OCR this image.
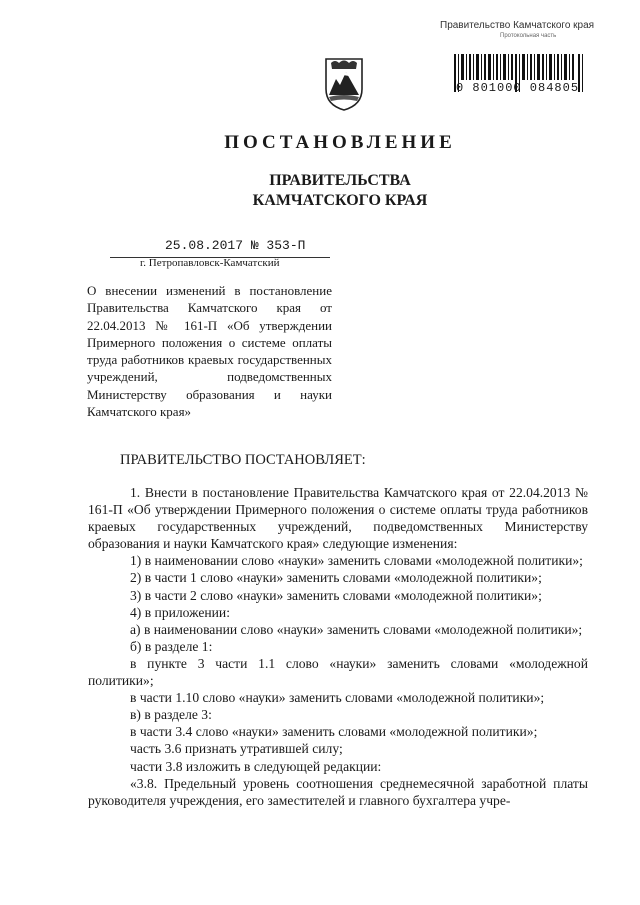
Правительство Камчатского края
Протокольная часть
0 801000 084805
ПОСТАНОВЛЕНИЕ
ПРАВИТЕЛЬСТВА
КАМЧАТСКОГО КРАЯ
25.08.2017 № 353-П
г. Петропавловск-Камчатский
О внесении изменений в постановление Правительства Камчатского края от 22.04.2013 № 161-П «Об утверждении Примерного положения о системе оплаты труда работников краевых государственных учреждений, подведомственных Министерству образования и науки Камчатского края»
ПРАВИТЕЛЬСТВО ПОСТАНОВЛЯЕТ:

1. Внести в постановление Правительства Камчатского края от 22.04.2013 № 161-П «Об утверждении Примерного положения о системе оплаты труда работников краевых государственных учреждений, подведомственных Министерству образования и науки Камчатского края» следующие изменения:

1) в наименовании слово «науки» заменить словами «молодежной политики»;

2) в части 1 слово «науки» заменить словами «молодежной политики»;

3) в части 2 слово «науки» заменить словами «молодежной политики»;

4) в приложении:

а) в наименовании слово «науки» заменить словами «молодежной политики»;

б) в разделе 1:

в пункте 3 части 1.1 слово «науки» заменить словами «молодежной политики»;

в части 1.10 слово «науки» заменить словами «молодежной политики»;

в) в разделе 3:

в части 3.4 слово «науки» заменить словами «молодежной политики»;

часть 3.6 признать утратившей силу;

части 3.8 изложить в следующей редакции:

«3.8. Предельный уровень соотношения среднемесячной заработной платы руководителя учреждения, его заместителей и главного бухгалтера учре-
